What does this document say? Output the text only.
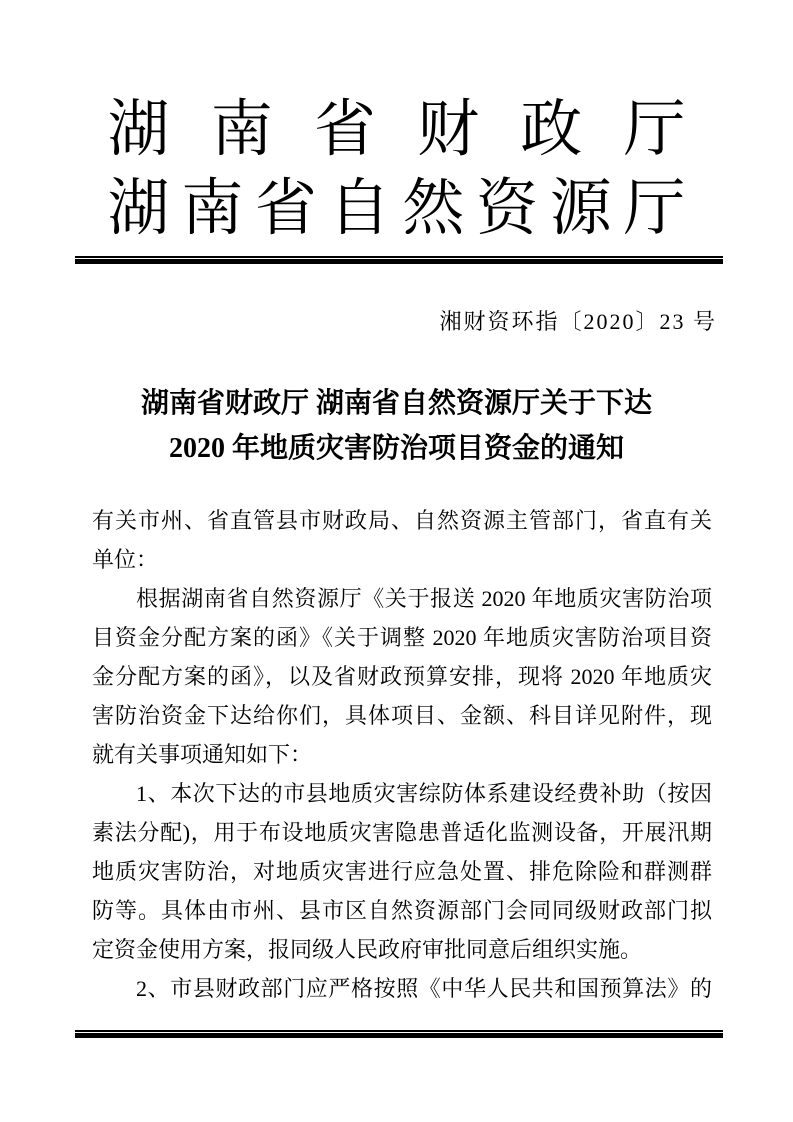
湖 南 省 财 政 厅
湖 南 省 自 然 资 源 厅
湘财资环指〔2020〕23 号
湖南省财政厅 湖南省自然资源厅关于下达
2020 年地质灾害防治项目资金的通知
有关市州、省直管县市财政局、自然资源主管部门，省直有关
单位：
根据湖南省自然资源厅《关于报送 2020 年地质灾害防治项
目资金分配方案的函》《关于调整 2020 年地质灾害防治项目资
金分配方案的函》，以及省财政预算安排，现将 2020 年地质灾
害防治资金下达给你们，具体项目、金额、科目详见附件，现
就有关事项通知如下：
1、本次下达的市县地质灾害综防体系建设经费补助（按因
素法分配)，用于布设地质灾害隐患普适化监测设备，开展汛期
地质灾害防治，对地质灾害进行应急处置、排危除险和群测群
防等。具体由市州、县市区自然资源部门会同同级财政部门拟
定资金使用方案，报同级人民政府审批同意后组织实施。
2、市县财政部门应严格按照《中华人民共和国预算法》的
